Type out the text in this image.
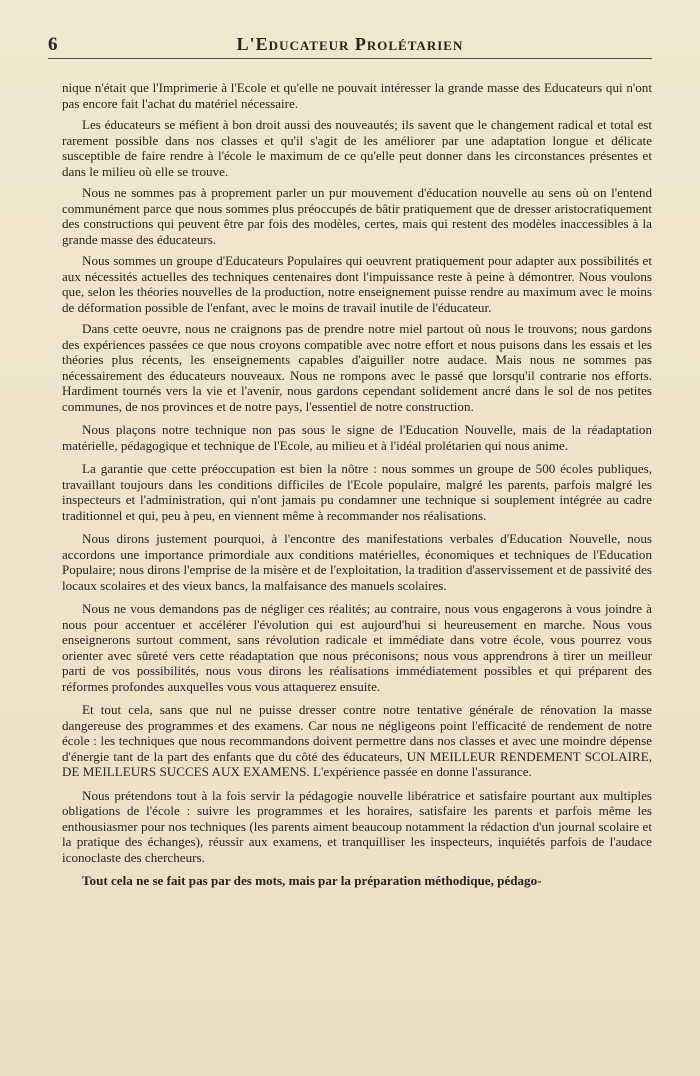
6	L'Educateur Prolétarien

nique n'était que l'Imprimerie à l'Ecole et qu'elle ne pouvait intéresser la grande masse des Educateurs qui n'ont pas encore fait l'achat du matériel nécessaire.

Les éducateurs se méfient à bon droit aussi des nouveautés; ils savent que le changement radical et total est rarement possible dans nos classes et qu'il s'agit de les améliorer par une adaptation longue et délicate susceptible de faire rendre à l'école le maximum de ce qu'elle peut donner dans les circonstances présentes et dans le milieu où elle se trouve.

Nous ne sommes pas à proprement parler un pur mouvement d'éducation nouvelle au sens où on l'entend communément parce que nous sommes plus préoccupés de bâtir pratiquement que de dresser aristocratiquement des constructions qui peuvent être par fois des modèles, certes, mais qui restent des modèles inaccessibles à la grande masse des éducateurs.

Nous sommes un groupe d'Educateurs Populaires qui oeuvrent pratiquement pour adapter aux possibilités et aux nécessités actuelles des techniques centenaires dont l'impuissance reste à peine à démontrer. Nous voulons que, selon les théories nouvelles de la production, notre enseignement puisse rendre au maximum avec le moins de déformation possible de l'enfant, avec le moins de travail inutile de l'éducateur.

Dans cette oeuvre, nous ne craignons pas de prendre notre miel partout où nous le trouvons; nous gardons des expériences passées ce que nous croyons compatible avec notre effort et nous puisons dans les essais et les théories plus récents, les enseignements capables d'aiguiller notre audace. Mais nous ne sommes pas nécessairement des éducateurs nouveaux. Nous ne rompons avec le passé que lorsqu'il contrarie nos efforts. Hardiment tournés vers la vie et l'avenir, nous gardons cependant solidement ancré dans le sol de nos petites communes, de nos provinces et de notre pays, l'essentiel de notre construction.

Nous plaçons notre technique non pas sous le signe de l'Education Nouvelle, mais de la réadaptation matérielle, pédagogique et technique de l'Ecole, au milieu et à l'idéal prolétarien qui nous anime.

La garantie que cette préoccupation est bien la nôtre : nous sommes un groupe de 500 écoles publiques, travaillant toujours dans les conditions difficiles de l'Ecole populaire, malgré les parents, parfois malgré les inspecteurs et l'administration, qui n'ont jamais pu condamner une technique si souplement intégrée au cadre traditionnel et qui, peu à peu, en viennent même à recommander nos réalisations.

Nous dirons justement pourquoi, à l'encontre des manifestations verbales d'Education Nouvelle, nous accordons une importance primordiale aux conditions matérielles, économiques et techniques de l'Education Populaire; nous dirons l'emprise de la misère et de l'exploitation, la tradition d'asservissement et de passivité des locaux scolaires et des vieux bancs, la malfaisance des manuels scolaires.

Nous ne vous demandons pas de négliger ces réalités; au contraire, nous vous engagerons à vous joindre à nous pour accentuer et accélérer l'évolution qui est aujourd'hui si heureusement en marche. Nous vous enseignerons surtout comment, sans révolution radicale et immédiate dans votre école, vous pourrez vous orienter avec sûreté vers cette réadaptation que nous préconisons; nous vous apprendrons à tirer un meilleur parti de vos possibilités, nous vous dirons les réalisations immédiatement possibles et qui préparent des réformes profondes auxquelles vous vous attaquerez ensuite.

Et tout cela, sans que nul ne puisse dresser contre notre tentative générale de rénovation la masse dangereuse des programmes et des examens. Car nous ne négligeons point l'efficacité de rendement de notre école : les techniques que nous recommandons doivent permettre dans nos classes et avec une moindre dépense d'énergie tant de la part des enfants que du côté des éducateurs, UN MEILLEUR RENDEMENT SCOLAIRE, DE MEILLEURS SUCCES AUX EXAMENS. L'expérience passée en donne l'assurance.

Nous prétendons tout à la fois servir la pédagogie nouvelle libératrice et satisfaire pourtant aux multiples obligations de l'école : suivre les programmes et les horaires, satisfaire les parents et parfois même les enthousiasmer pour nos techniques (les parents aiment beaucoup notamment la rédaction d'un journal scolaire et la pratique des échanges), réussir aux examens, et tranquilliser les inspecteurs, inquiétés parfois de l'audace iconoclaste des chercheurs.

Tout cela ne se fait pas par des mots, mais par la préparation méthodique, pédago-
